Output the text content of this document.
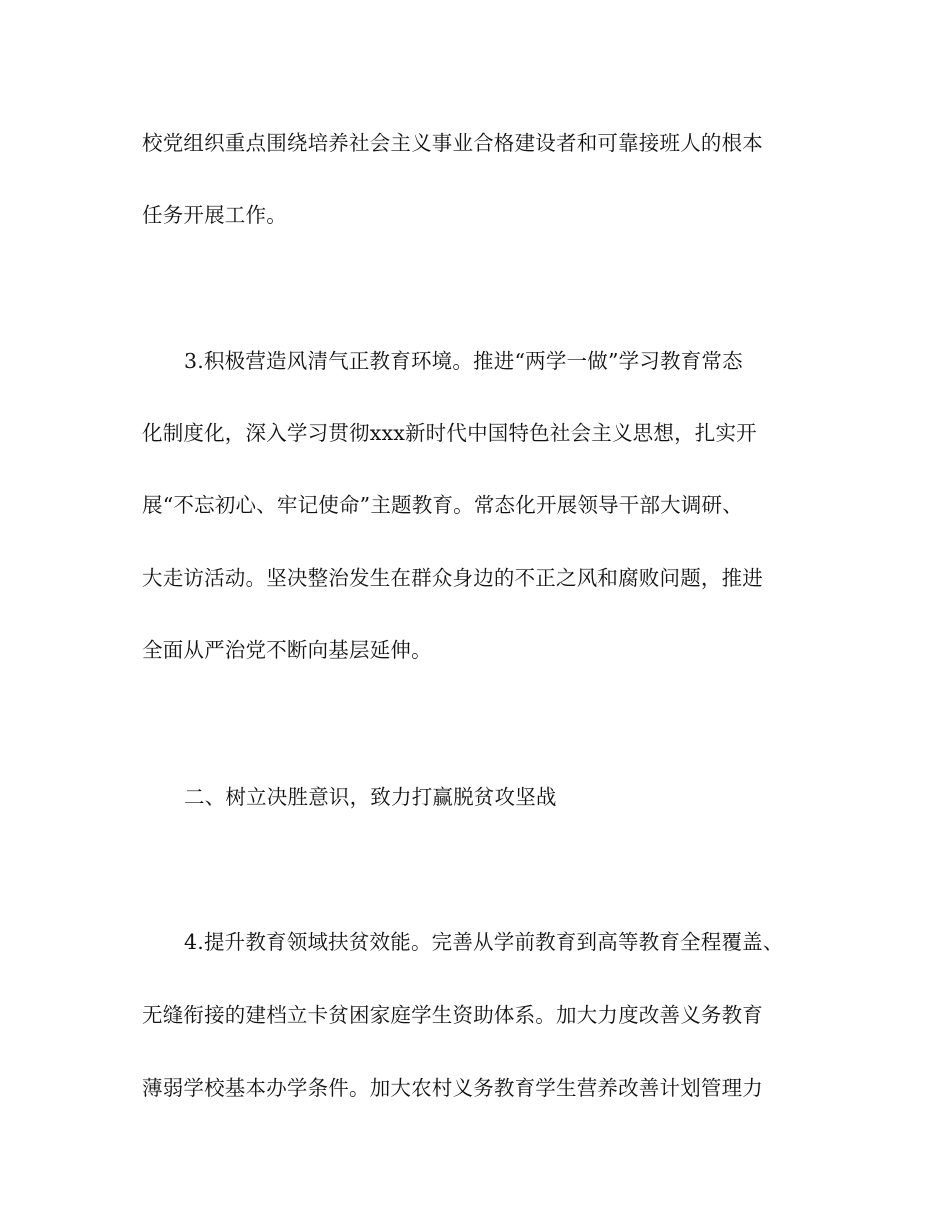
校党组织重点围绕培养社会主义事业合格建设者和可靠接班人的根本
任务开展工作。
3.积极营造风清气正教育环境。推进“两学一做”学习教育常态
化制度化，深入学习贯彻xxx新时代中国特色社会主义思想，扎实开
展“不忘初心、牢记使命”主题教育。常态化开展领导干部大调研、
大走访活动。坚决整治发生在群众身边的不正之风和腐败问题，推进
全面从严治党不断向基层延伸。
二、树立决胜意识，致力打赢脱贫攻坚战
4.提升教育领域扶贫效能。完善从学前教育到高等教育全程覆盖、
无缝衔接的建档立卡贫困家庭学生资助体系。加大力度改善义务教育
薄弱学校基本办学条件。加大农村义务教育学生营养改善计划管理力
